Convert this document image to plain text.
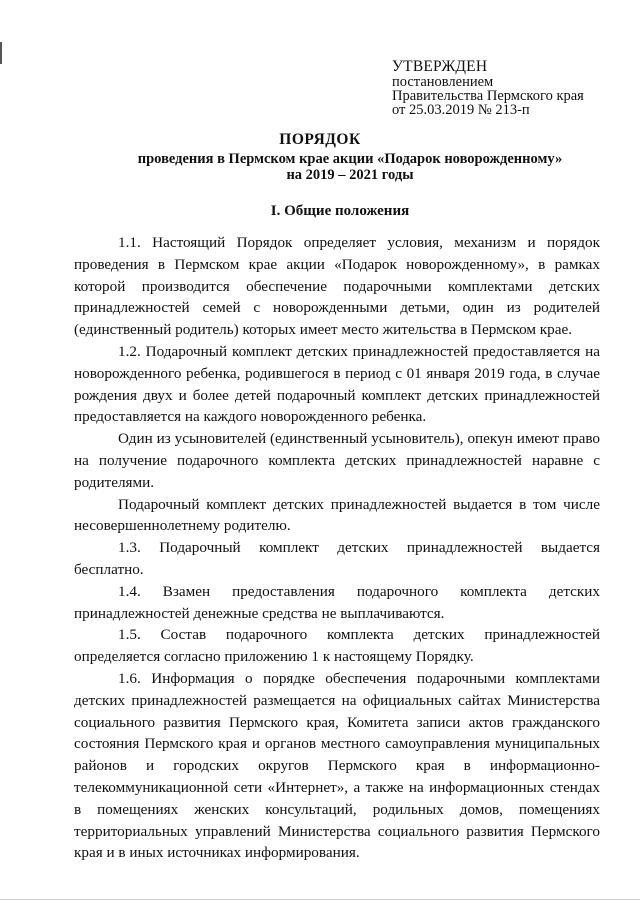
УТВЕРЖДЕН
постановлением
Правительства Пермского края
от 25.03.2019 № 213-п
ПОРЯДОК
проведения в Пермском крае акции «Подарок новорожденному»
на 2019 – 2021 годы
I. Общие положения

1.1. Настоящий Порядок определяет условия, механизм и порядок проведения в Пермском крае акции «Подарок новорожденному», в рамках которой производится обеспечение подарочными комплектами детских принадлежностей семей с новорожденными детьми, один из родителей (единственный родитель) которых имеет место жительства в Пермском крае.

1.2. Подарочный комплект детских принадлежностей предоставляется на новорожденного ребенка, родившегося в период с 01 января 2019 года, в случае рождения двух и более детей подарочный комплект детских принадлежностей предоставляется на каждого новорожденного ребенка.

Один из усыновителей (единственный усыновитель), опекун имеют право на получение подарочного комплекта детских принадлежностей наравне с родителями.

Подарочный комплект детских принадлежностей выдается в том числе несовершеннолетнему родителю.

1.3. Подарочный комплект детских принадлежностей выдается бесплатно.

1.4. Взамен предоставления подарочного комплекта детских принадлежностей денежные средства не выплачиваются.

1.5. Состав подарочного комплекта детских принадлежностей определяется согласно приложению 1 к настоящему Порядку.

1.6. Информация о порядке обеспечения подарочными комплектами детских принадлежностей размещается на официальных сайтах Министерства социального развития Пермского края, Комитета записи актов гражданского состояния Пермского края и органов местного самоуправления муниципальных районов и городских округов Пермского края в информационно-телекоммуникационной сети «Интернет», а также на информационных стендах в помещениях женских консультаций, родильных домов, помещениях территориальных управлений Министерства социального развития Пермского края и в иных источниках информирования.
